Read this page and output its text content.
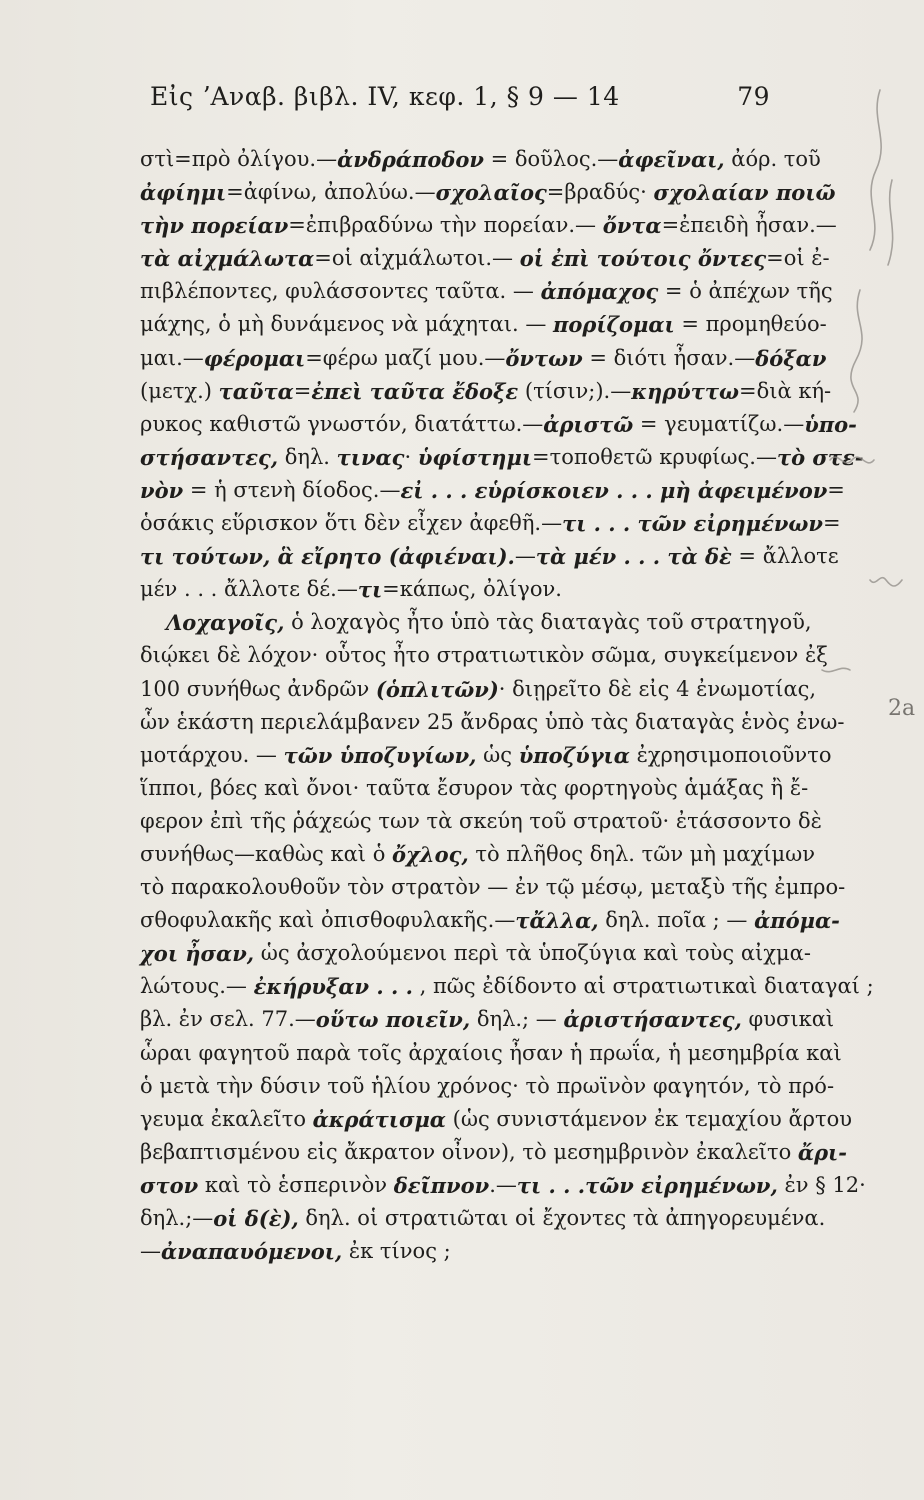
Εἰς ʼΑναβ. βιβλ. IV, κεφ. 1, § 9 — 14	79
στὶ=πρὸ ὀλίγου.— ἀνδράποδον = δοῦλος.— ἀφεῖναι, ἀόρ. τοῦ
ἀφίημι =ἀφίνω, ἀπολύω.— σχολαῖος =βραδύς· σχολαίαν ποιῶ
τὴν πορείαν =ἐπιβραδύνω τὴν πορείαν.— ὄντα =ἐπειδὴ ἦσαν.—
τὰ αἰχμάλωτα =οἱ αἰχμάλωτοι.— οἱ ἐπὶ τούτοις ὄντες =οἱ ἐ-
πιβλέποντες, φυλάσσοντες ταῦτα. — ἀπόμαχος = ὁ ἀπέχων τῆς
μάχης, ὁ μὴ δυνάμενος νὰ μάχηται. — πορίζομαι = προμηθεύο-
μαι.— φέρομαι =φέρω μαζί μου.— ὄντων = διότι ἦσαν.— δόξαν
(μετχ.) ταῦτα = ἐπεὶ ταῦτα ἔδοξε (τίσιν;).— κηρύττω =διὰ κή-
ρυκος καθιστῶ γνωστόν, διατάττω.— ἀριστῶ = γευματίζω.— ὑπο-
στήσαντες, δηλ. τινας · ὑφίστημι =τοποθετῶ κρυφίως.— τὸ στε-
νὸν = ἡ στενὴ δίοδος.— εἰ . . . εὑρίσκοιεν . . . μὴ ἀφειμένον =
ὁσάκις εὕρισκον ὅτι δὲν εἶχεν ἀφεθῆ.— τι . . . τῶν εἰρημένων =
τι τούτων, ἃ εἴρητο (ἀφιέναι). — τὰ μέν . . . τὰ δὲ = ἄλλοτε
μέν . . . ἄλλοτε δέ.— τι =κάπως, ὀλίγον.
Λοχαγοῖς, ὁ λοχαγὸς ἦτο ὑπὸ τὰς διαταγὰς τοῦ στρατηγοῦ,
διῴκει δὲ λόχον· οὗτος ἦτο στρατιωτικὸν σῶμα, συγκείμενον ἐξ
100 συνήθως ἀνδρῶν (ὁπλιτῶν) · διῃρεῖτο δὲ εἰς 4 ἐνωμοτίας,
ὧν ἑκάστη περιελάμβανεν 25 ἄνδρας ὑπὸ τὰς διαταγὰς ἑνὸς ἐνω-
μοτάρχου. — τῶν ὑποζυγίων, ὡς ὑποζύγια ἐχρησιμοποιοῦντο
ἵπποι, βόες καὶ ὄνοι· ταῦτα ἔσυρον τὰς φορτηγοὺς ἁμάξας ἢ ἔ-
φερον ἐπὶ τῆς ῥάχεώς των τὰ σκεύη τοῦ στρατοῦ· ἐτάσσοντο δὲ
συνήθως—καθὼς καὶ ὁ ὄχλος, τὸ πλῆθος δηλ. τῶν μὴ μαχίμων
τὸ παρακολουθοῦν τὸν στρατὸν — ἐν τῷ μέσῳ, μεταξὺ τῆς ἐμπρο-
σθοφυλακῆς καὶ ὀπισθοφυλακῆς.— τἄλλα, δηλ. ποῖα ; — ἀπόμα-
χοι ἦσαν, ὡς ἀσχολούμενοι περὶ τὰ ὑποζύγια καὶ τοὺς αἰχμα-
λώτους.— ἐκήρυξαν . . . , πῶς ἐδίδοντο αἱ στρατιωτικαὶ διαταγαί ;
βλ. ἐν σελ. 77.— οὕτω ποιεῖν, δηλ.; — ἀριστήσαντες, φυσικαὶ
ὧραι φαγητοῦ παρὰ τοῖς ἀρχαίοις ἦσαν ἡ πρωΐα, ἡ μεσημβρία καὶ
ὁ μετὰ τὴν δύσιν τοῦ ἡλίου χρόνος· τὸ πρωϊνὸν φαγητόν, τὸ πρό-
γευμα ἐκαλεῖτο ἀκράτισμα (ὡς συνιστάμενον ἐκ τεμαχίου ἄρτου
βεβαπτισμένου εἰς ἄκρατον οἶνον), τὸ μεσημβρινὸν ἐκαλεῖτο ἄρι-
στον καὶ τὸ ἑσπερινὸν δεῖπνον .— τι . . .τῶν εἰρημένων, ἐν § 12·
δηλ.;— οἱ δ(ὲ), δηλ. οἱ στρατιῶται οἱ ἔχοντες τὰ ἀπηγορευμένα.
— ἀναπαυόμενοι, ἐκ τίνος ;
2a
